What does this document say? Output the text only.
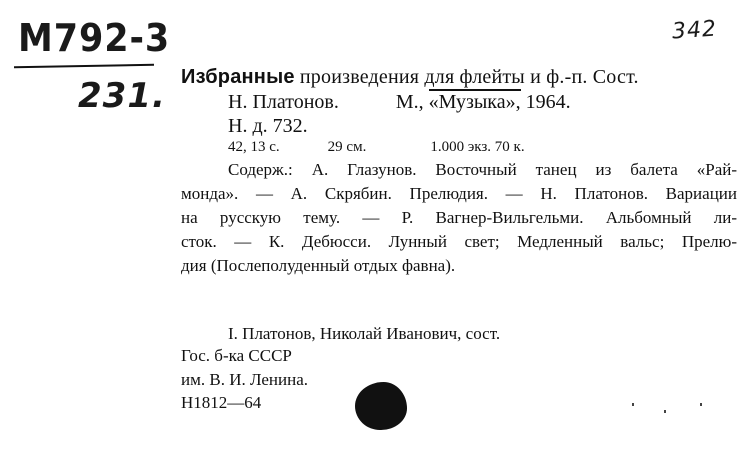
М792-3
231.
342
Избранные произведения для флейты и ф.-п. Сост.
Н. Платонов.	М., «Музыка», 1964.
Н. д. 732.
42, 13 с.	29 см.	1.000 экз. 70 к.
Содерж.: А. Глазунов. Восточный танец из балета «Рай-
монда». — А. Скрябин. Прелюдия. — Н. Платонов. Вариации
на русскую тему. — Р. Вагнер-Вильгельми. Альбомный ли-
сток. — К. Дебюсси. Лунный свет; Медленный вальс; Прелю-
дия (Послеполуденный отдых фавна).
I. Платонов, Николай Иванович, сост.
Гос. б-ка СССР
им. В. И. Ленина.
Н1812—64
